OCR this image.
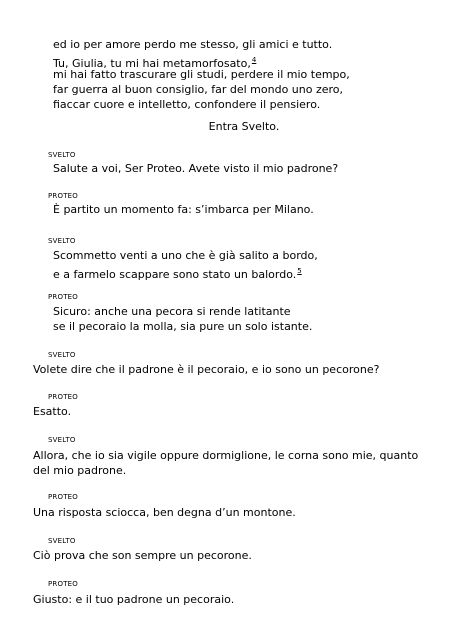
ed io per amore perdo me stesso, gli amici e tutto.
Tu, Giulia, tu mi hai metamorfosato,$^4$
mi hai fatto trascurare gli studi, perdere il mio tempo,
far guerra al buon consiglio, far del mondo uno zero,
fiaccar cuore e intelletto, confondere il pensiero.
Entra Svelto.
SVELTO
Salute a voi, Ser Proteo. Avete visto il mio padrone?
PROTEO
È partito un momento fa: s’imbarca per Milano.
SVELTO
Scommetto venti a uno che è già salito a bordo,
e a farmelo scappare sono stato un balordo.$^5$
PROTEO
Sicuro: anche una pecora si rende latitante
se il pecoraio la molla, sia pure un solo istante.
SVELTO
Volete dire che il padrone è il pecoraio, e io sono un pecorone?
PROTEO
Esatto.
SVELTO
Allora, che io sia vigile oppure dormiglione, le corna sono mie, quanto del mio padrone.
PROTEO
Una risposta sciocca, ben degna d’un montone.
SVELTO
Ciò prova che son sempre un pecorone.
PROTEO
Giusto: e il tuo padrone un pecoraio.
